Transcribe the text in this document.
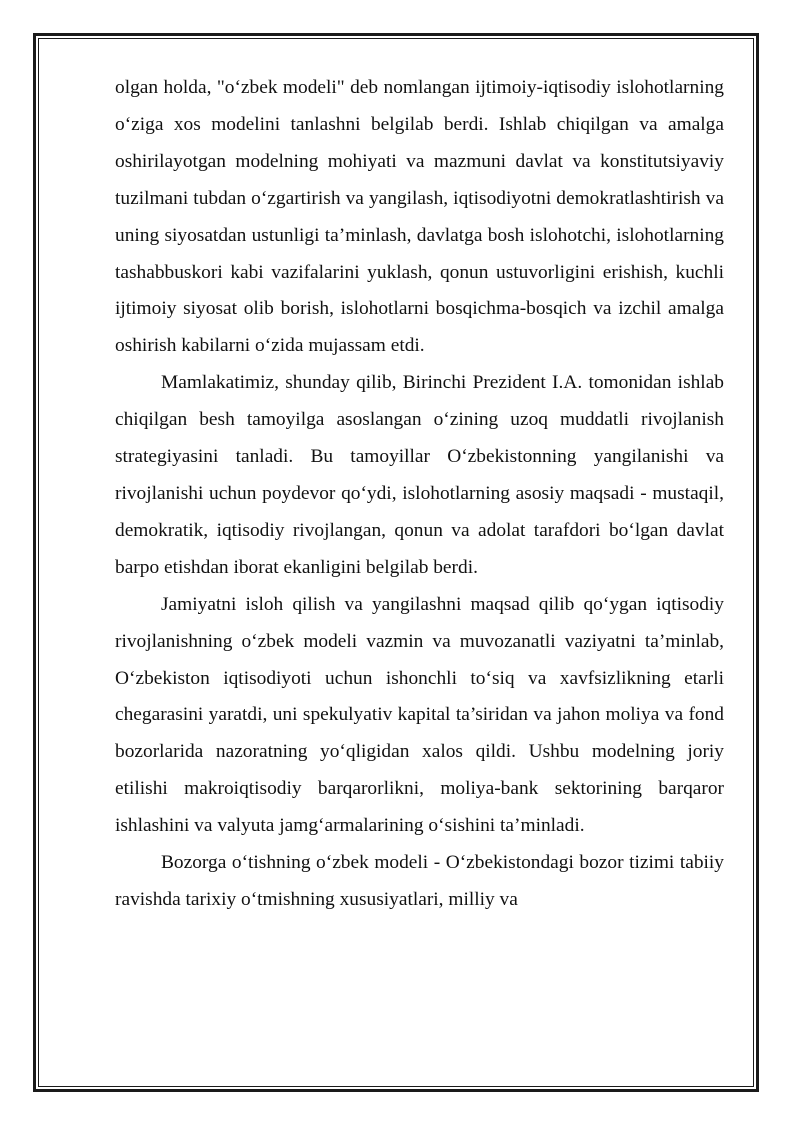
olgan holda, "o‘zbek modeli" deb nomlangan ijtimoiy-iqtisodiy islohotlarning o‘ziga xos modelini tanlashni belgilab berdi. Ishlab chiqilgan va amalga oshirilayotgan modelning mohiyati va mazmuni davlat va konstitutsiyaviy tuzilmani tubdan o‘zgartirish va yangilash, iqtisodiyotni demokratlashtirish va uning siyosatdan ustunligi ta’minlash, davlatga bosh islohotchi, islohotlarning tashabbuskori kabi vazifalarini yuklash, qonun ustuvorligini erishish, kuchli ijtimoiy siyosat olib borish, islohotlarni bosqichma-bosqich va izchil amalga oshirish kabilarni o‘zida mujassam etdi.

Mamlakatimiz, shunday qilib, Birinchi Prezident I.A. tomonidan ishlab chiqilgan besh tamoyilga asoslangan o‘zining uzoq muddatli rivojlanish strategiyasini tanladi. Bu tamoyillar O‘zbekistonning yangilanishi va rivojlanishi uchun poydevor qo‘ydi, islohotlarning asosiy maqsadi - mustaqil, demokratik, iqtisodiy rivojlangan, qonun va adolat tarafdori bo‘lgan davlat barpo etishdan iborat ekanligini belgilab berdi.

Jamiyatni isloh qilish va yangilashni maqsad qilib qo‘ygan iqtisodiy rivojlanishning o‘zbek modeli vazmin va muvozanatli vaziyatni ta’minlab, O‘zbekiston iqtisodiyoti uchun ishonchli to‘siq va xavfsizlikning etarli chegarasini yaratdi, uni spekulyativ kapital ta’siridan va jahon moliya va fond bozorlarida nazoratning yo‘qligidan xalos qildi. Ushbu modelning joriy etilishi makroiqtisodiy barqarorlikni, moliya-bank sektorining barqaror ishlashini va valyuta jamg‘armalarining o‘sishini ta’minladi.

Bozorga o‘tishning o‘zbek modeli - O‘zbekistondagi bozor tizimi tabiiy ravishda tarixiy o‘tmishning xususiyatlari, milliy va
